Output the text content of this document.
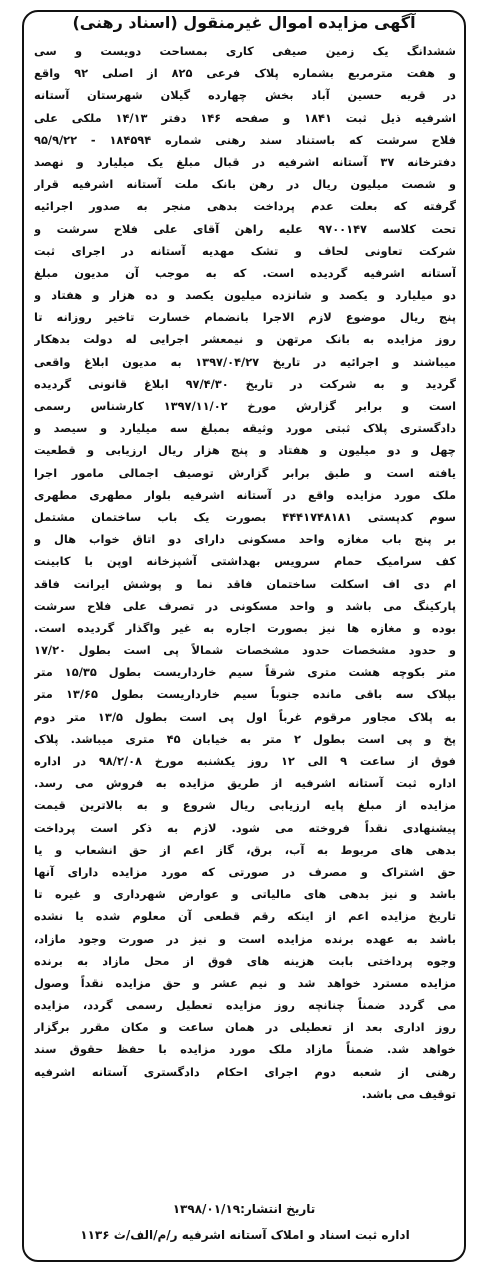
آگهی مزایده اموال غیرمنقول (اسناد رهنی)
ششدانگ یک زمین صیفی کاری بمساحت دویست و سی
و هفت مترمربع بشماره پلاک فرعی ۸۲۵ از اصلی ۹۲ واقع
در قریه حسین آباد بخش چهارده گیلان شهرستان آستانه
اشرفیه ذیل ثبت ۱۸۴۱ و صفحه ۱۴۶ دفتر ۱۴/۱۳ ملکی علی
فلاح سرشت که باستناد سند رهنی شماره ۱۸۴۵۹۴ - ۹۵/۹/۲۲
دفترخانه ۳۷ آستانه اشرفیه در قبال مبلغ یک میلیارد و نهصد
و شصت میلیون ریال در رهن بانک ملت آستانه اشرفیه قرار
گرفته که بعلت عدم پرداخت بدهی منجر به صدور اجرائیه
تحت کلاسه ۹۷۰۰۱۴۷ علیه راهن آقای علی فلاح سرشت و
شرکت تعاونی لحاف و تشک مهدیه آستانه در اجرای ثبت
آستانه اشرفیه گردیده است. که به موجب آن مدیون مبلغ
دو میلیارد و یکصد و شانزده میلیون یکصد و ده هزار و هفتاد و
پنج ریال موضوع لازم الاجرا بانضمام خسارت تاخیر روزانه تا
روز مزایده به بانک مرتهن و نیمعشر اجرایی له دولت بدهکار
میباشند و اجرائیه در تاریخ ۱۳۹۷/۰۴/۲۷ به مدیون ابلاغ واقعی
گردید و به شرکت در تاریخ ۹۷/۴/۳۰ ابلاغ قانونی گردیده
است و برابر گزارش مورخ ۱۳۹۷/۱۱/۰۲ کارشناس رسمی
دادگستری پلاک ثبتی مورد وثیقه بمبلغ سه میلیارد و سیصد و
چهل و دو میلیون و هفتاد و پنج هزار ریال ارزیابی و قطعیت
یافته است و طبق برابر گزارش توصیف اجمالی مامور اجرا
ملک مورد مزایده واقع در آستانه اشرفیه بلوار مطهری مطهری
سوم کدپستی ۴۴۴۱۷۴۸۱۸۱ بصورت یک باب ساختمان مشتمل
بر پنج باب مغازه واحد مسکونی دارای دو اتاق خواب هال و
کف سرامیک حمام سرویس بهداشتی آشپزخانه اوپن با کابینت
ام دی اف اسکلت ساختمان فاقد نما و پوشش ایرانت فاقد
پارکینگ می باشد و واحد مسکونی در تصرف علی فلاح سرشت
بوده و مغازه ها نیز بصورت اجاره به غیر واگذار گردیده است.
و حدود مشخصات حدود مشخصات شمالاً پی است بطول ۱۷/۲۰
متر بکوچه هشت متری شرقاً سیم خارداریست بطول ۱۵/۳۵ متر
بپلاک سه باقی مانده جنوباً سیم خارداریست بطول ۱۳/۶۵ متر
به پلاک مجاور مرقوم غرباً اول پی است بطول ۱۳/۵ متر دوم
پخ و پی است بطول ۲ متر به خیابان ۴۵ متری میباشد. پلاک
فوق از ساعت ۹ الی ۱۲ روز یکشنبه مورخ ۹۸/۲/۰۸ در اداره
اداره ثبت آستانه اشرفیه از طریق مزایده به فروش می رسد.
مزایده از مبلغ پایه ارزیابی ریال شروع و به بالاترین قیمت
پیشنهادی نقداً فروخته می شود. لازم به ذکر است پرداخت
بدهی های مربوط به آب، برق، گاز اعم از حق انشعاب و یا
حق اشتراک و مصرف در صورتی که مورد مزایده دارای آنها
باشد و نیز بدهی های مالیاتی و عوارض شهرداری و غیره تا
تاریخ مزایده اعم از اینکه رقم قطعی آن معلوم شده یا نشده
باشد به عهده برنده مزایده است و نیز در صورت وجود مازاد،
وجوه پرداختی بابت هزینه های فوق از محل مازاد به برنده
مزایده مسترد خواهد شد و نیم عشر و حق مزایده نقداً وصول
می گردد ضمناً چنانچه روز مزایده تعطیل رسمی گردد، مزایده
روز اداری بعد از تعطیلی در همان ساعت و مکان مقرر برگزار
خواهد شد. ضمناً مازاد ملک مورد مزایده با حفظ حقوق سند
رهنی از شعبه دوم اجرای احکام دادگستری آستانه اشرفیه
توقیف می باشد.
تاریخ انتشار:۱۳۹۸/۰۱/۱۹
اداره ثبت اسناد و املاک آستانه اشرفیه ر/م/الف/ث ۱۱۳۶
